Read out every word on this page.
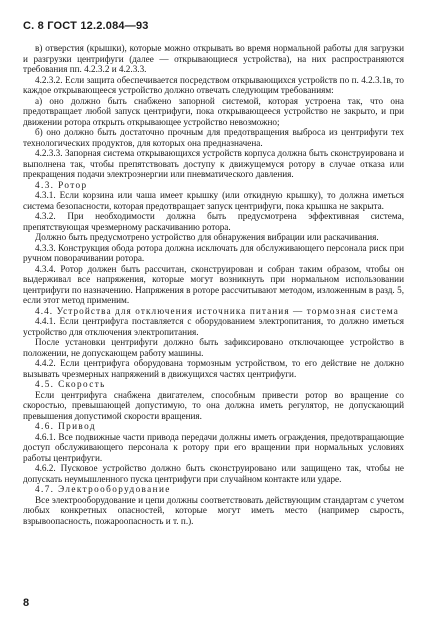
С. 8 ГОСТ 12.2.084—93

в) отверстия (крышки), которые можно открывать во время нормальной работы для загрузки и разгрузки центрифуги (далее — открывающиеся устройства), на них распространяются требования пп. 4.2.3.2 и 4.2.3.3.

4.2.3.2. Если защита обеспечивается посредством открывающихся устройств по п. 4.2.3.1в, то каждое открывающееся устройство должно отвечать следующим требованиям:

а) оно должно быть снабжено запорной системой, которая устроена так, что она предотвращает любой запуск центрифуги, пока открывающееся устройство не закрыто, и при движении ротора открыть открывающее устройство невозможно;

б) оно должно быть достаточно прочным для предотвращения выброса из центрифуги тех технологических продуктов, для которых она предназначена.

4.2.3.3. Запорная система открывающихся устройств корпуса должна быть сконструирована и выполнена так, чтобы препятствовать доступу к движущемуся ротору в случае отказа или прекращения подачи электроэнергии или пневматического давления.

4.3. Ротор

4.3.1. Если корзина или чаша имеет крышку (или откидную крышку), то должна иметься система безопасности, которая предотвращает запуск центрифуги, пока крышка не закрыта.

4.3.2. При необходимости должна быть предусмотрена эффективная система, препятствующая чрезмерному раскачиванию ротора.

Должно быть предусмотрено устройство для обнаружения вибрации или раскачивания.

4.3.3. Конструкция обода ротора должна исключать для обслуживающего персонала риск при ручном поворачивании ротора.

4.3.4. Ротор должен быть рассчитан, сконструирован и собран таким образом, чтобы он выдерживал все напряжения, которые могут возникнуть при нормальном использовании центрифуги по назначению. Напряжения в роторе рассчитывают методом, изложенным в разд. 5, если этот метод применим.

4.4. Устройства для отключения источника питания — тормозная система

4.4.1. Если центрифуга поставляется с оборудованием электропитания, то должно иметься устройство для отключения электропитания.

После установки центрифуги должно быть зафиксировано отключающее устройство в положении, не допускающем работу машины.

4.4.2. Если центрифуга оборудована тормозным устройством, то его действие не должно вызывать чрезмерных напряжений в движущихся частях центрифуги.

4.5. Скорость

Если центрифуга снабжена двигателем, способным привести ротор во вращение со скоростью, превышающей допустимую, то она должна иметь регулятор, не допускающий превышения допустимой скорости вращения.

4.6. Привод

4.6.1. Все подвижные части привода передачи должны иметь ограждения, предотвращающие доступ обслуживающего персонала к ротору при его вращении при нормальных условиях работы центрифуги.

4.6.2. Пусковое устройство должно быть сконструировано или защищено так, чтобы не допускать неумышленного пуска центрифуги при случайном контакте или ударе.

4.7. Электрооборудование

Все электрооборудование и цепи должны соответствовать действующим стандартам с учетом любых конкретных опасностей, которые могут иметь место (например сырость, взрывоопасность, пожароопасность и т. п.).

8
